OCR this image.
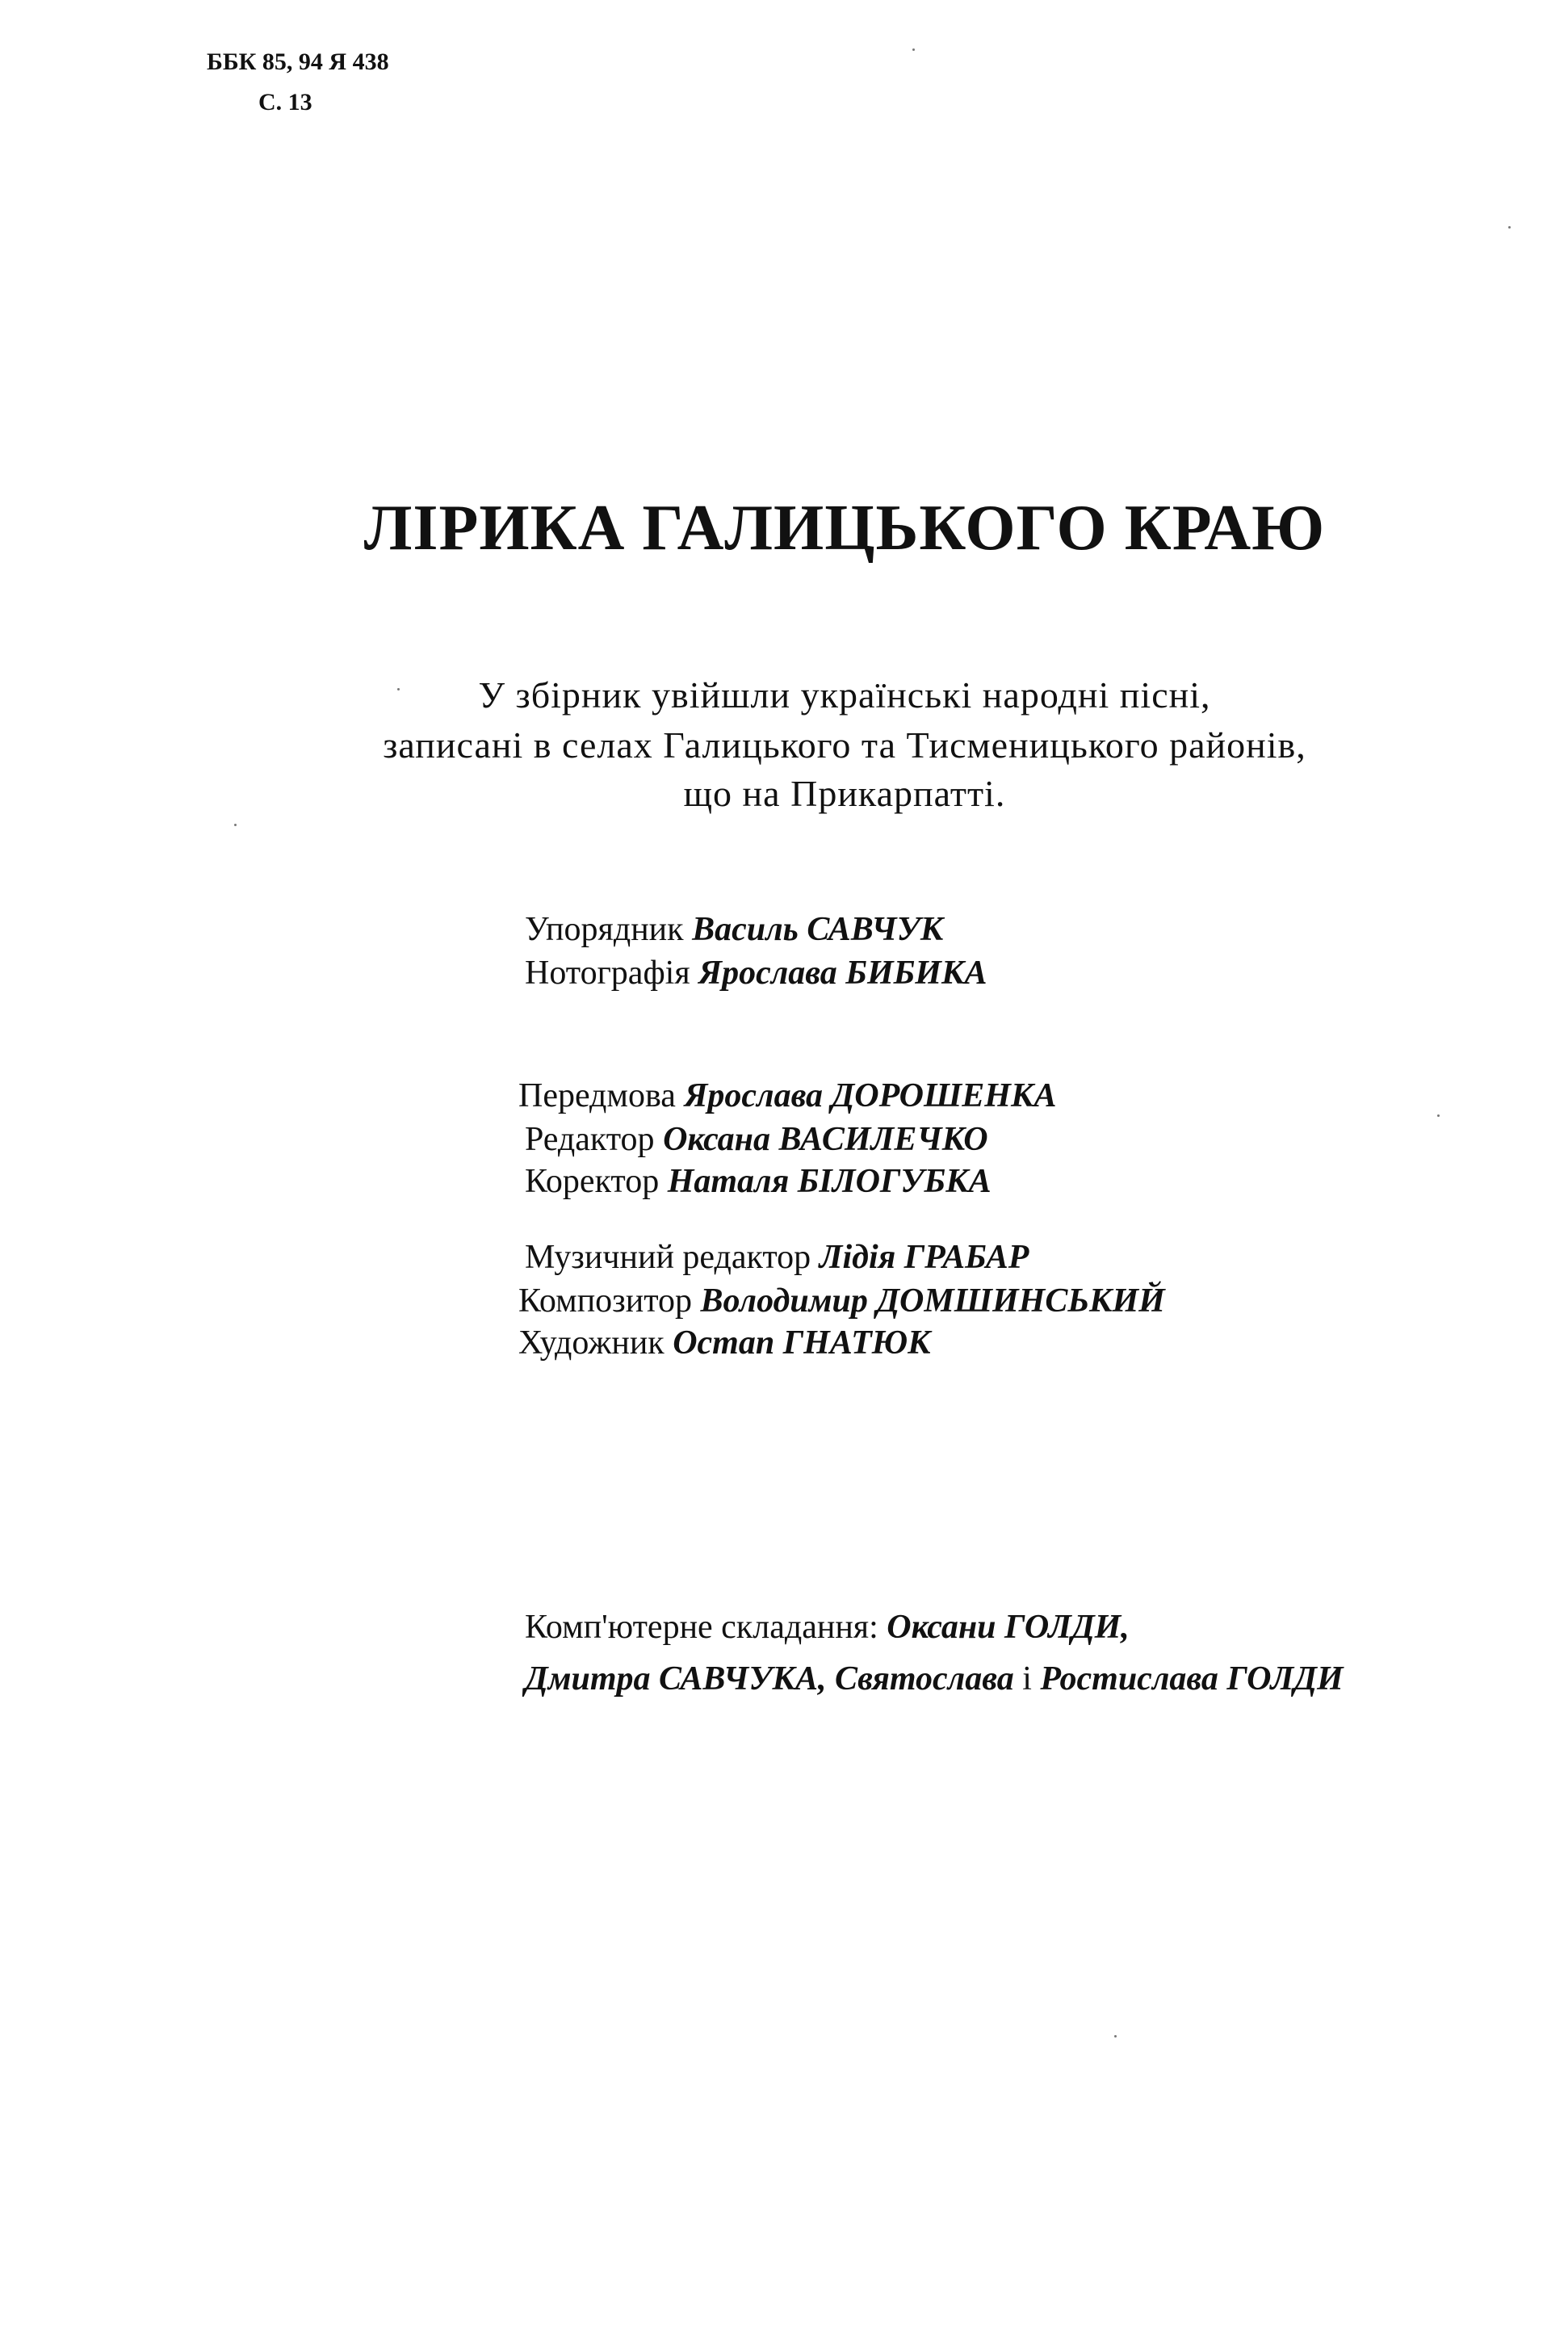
ББК 85, 94 Я 438
С. 13
ЛІРИКА ГАЛИЦЬКОГО КРАЮ
У збірник увійшли українські народні пісні,
записані в селах Галицького та Тисменицького районів,
що на Прикарпатті.
Упорядник Василь САВЧУК
Нотографія Ярослава БИБИКА
Передмова Ярослава ДОРОШЕНКА
Редактор Оксана ВАСИЛЕЧКО
Коректор Наталя БІЛОГУБКА
Музичний редактор Лідія ГРАБАР
Композитор Володимир ДОМШИНСЬКИЙ
Художник Остап ГНАТЮК
Комп'ютерне складання: Оксани ГОЛДИ,
Дмитра САВЧУКА, Святослава і Ростислава ГОЛДИ
